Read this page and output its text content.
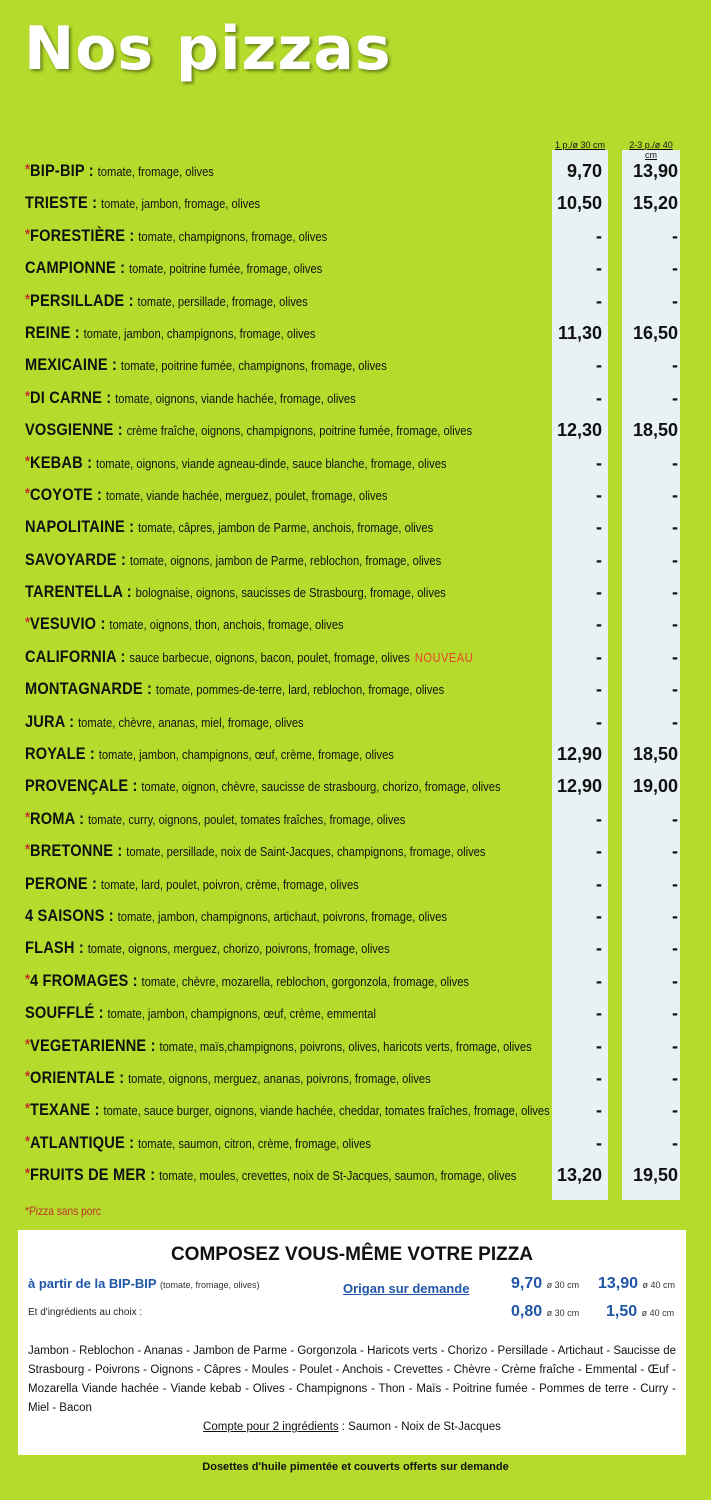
Nos pizzas
1 p./ø 30 cm	2-3 p./ø 40 cm
*BIP-BIP : tomate, fromage, olives	9,70	13,90
TRIESTE : tomate, jambon, fromage, olives	10,50	15,20
*FORESTIÈRE : tomate, champignons, fromage, olives	-	-
CAMPIONNE : tomate, poitrine fumée, fromage, olives	-	-
*PERSILLADE : tomate, persillade, fromage, olives	-	-
REINE : tomate, jambon, champignons, fromage, olives	11,30	16,50
MEXICAINE : tomate, poitrine fumée, champignons, fromage, olives	-	-
*DI CARNE : tomate, oignons, viande hachée, fromage, olives	-	-
VOSGIENNE : crème fraîche, oignons, champignons, poitrine fumée, fromage, olives	12,30	18,50
*KEBAB : tomate, oignons, viande agneau-dinde, sauce blanche, fromage, olives	-	-
*COYOTE : tomate, viande hachée, merguez, poulet, fromage, olives	-	-
NAPOLITAINE : tomate, câpres, jambon de Parme, anchois, fromage, olives	-	-
SAVOYARDE : tomate, oignons, jambon de Parme, reblochon, fromage, olives	-	-
TARENTELLA : bolognaise, oignons, saucisses de Strasbourg, fromage, olives	-	-
*VESUVIO : tomate, oignons, thon, anchois, fromage, olives	-	-
CALIFORNIA : sauce barbecue, oignons, bacon, poulet, fromage, olives NOUVEAU	-	-
MONTAGNARDE : tomate, pommes-de-terre, lard, reblochon, fromage, olives	-	-
JURA : tomate, chèvre, ananas, miel, fromage, olives	-	-
ROYALE : tomate, jambon, champignons, œuf, crème, fromage, olives	12,90	18,50
PROVENÇALE : tomate, oignon, chèvre, saucisse de strasbourg, chorizo, fromage, olives	12,90	19,00
*ROMA : tomate, curry, oignons, poulet, tomates fraîches, fromage, olives	-	-
*BRETONNE : tomate, persillade, noix de Saint-Jacques, champignons, fromage, olives	-	-
PERONE : tomate, lard, poulet, poivron, crème, fromage, olives	-	-
4 SAISONS : tomate, jambon, champignons, artichaut, poivrons, fromage, olives	-	-
FLASH : tomate, oignons, merguez, chorizo, poivrons, fromage, olives	-	-
*4 FROMAGES : tomate, chèvre, mozarella, reblochon, gorgonzola, fromage, olives	-	-
SOUFFLÉ : tomate, jambon, champignons, œuf, crème, emmental	-	-
*VEGETARIENNE : tomate, maïs,champignons, poivrons, olives, haricots verts, fromage, olives	-	-
*ORIENTALE : tomate, oignons, merguez, ananas, poivrons, fromage, olives	-	-
*TEXANE : tomate, sauce burger, oignons, viande hachée, cheddar, tomates fraîches, fromage, olives	-	-
*ATLANTIQUE : tomate, saumon, citron, crème, fromage, olives	-	-
*FRUITS DE MER : tomate, moules, crevettes, noix de St-Jacques, saumon, fromage, olives 13,20	19,50
*Pizza sans porc
COMPOSEZ VOUS-MÊME VOTRE PIZZA
à partir de la BIP-BIP (tomate, fromage, olives)	Origan sur demande	9,70 ø 30 cm 13,90 ø 40 cm
Et d'ingrédients au choix :	0,80 ø 30 cm 1,50 ø 40 cm
Jambon - Reblochon - Ananas - Jambon de Parme - Gorgonzola - Haricots verts - Chorizo - Persillade - Artichaut - Saucisse de Strasbourg - Poivrons - Oignons - Câpres - Moules - Poulet - Anchois - Crevettes - Chèvre - Crème fraîche - Emmental - Œuf - Mozarella Viande hachée - Viande kebab - Olives - Champignons - Thon - Maïs - Poitrine fumée - Pommes de terre - Curry - Miel - Bacon
Compte pour 2 ingrédients : Saumon - Noix de St-Jacques
Dosettes d'huile pimentée et couverts offerts sur demande
